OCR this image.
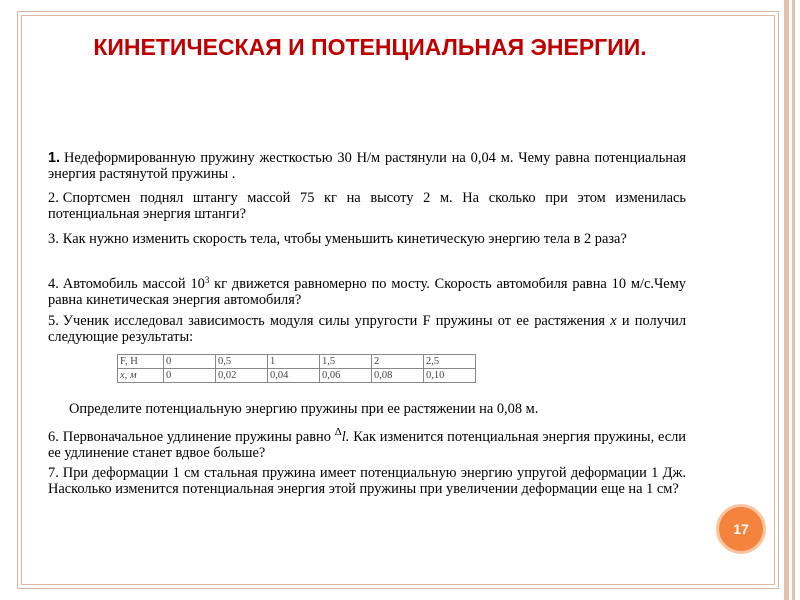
КИНЕТИЧЕСКАЯ И ПОТЕНЦИАЛЬНАЯ ЭНЕРГИИ.
1. Недеформированную пружину жесткостью 30 Н/м растянули на 0,04 м. Чему равна потенциальная энергия растянутой пружины .
2. Спортсмен поднял штангу массой 75 кг на высоту 2 м. На сколько при этом изменилась потенциальная энергия штанги?
3. Как нужно изменить скорость тела, чтобы уменьшить кинетическую энергию тела в 2 раза?
4. Автомобиль массой $10^3$ кг движется равномерно по мосту. Скорость автомобиля равна 10 м/с.Чему равна кинетическая энергия автомобиля?
5. Ученик исследовал зависимость модуля силы упругости F пружины от ее растяжения x и получил следующие результаты:
F, Н	0	0,5	1	1,5	2	2,5
x, м	0	0,02	0,04	0,06	0,08	0,10
Определите потенциальную энергию пружины при ее растяжении на 0,08 м.
6. Первоначальное удлинение пружины равно $^\Delta$l. Как изменится потенциальная энергия пружины, если ее удлинение станет вдвое больше?
7. При деформации 1 см стальная пружина имеет потенциальную энергию упругой деформации 1 Дж. Насколько изменится потенциальная энергия этой пружины при увеличении деформации еще на 1 см?
17
